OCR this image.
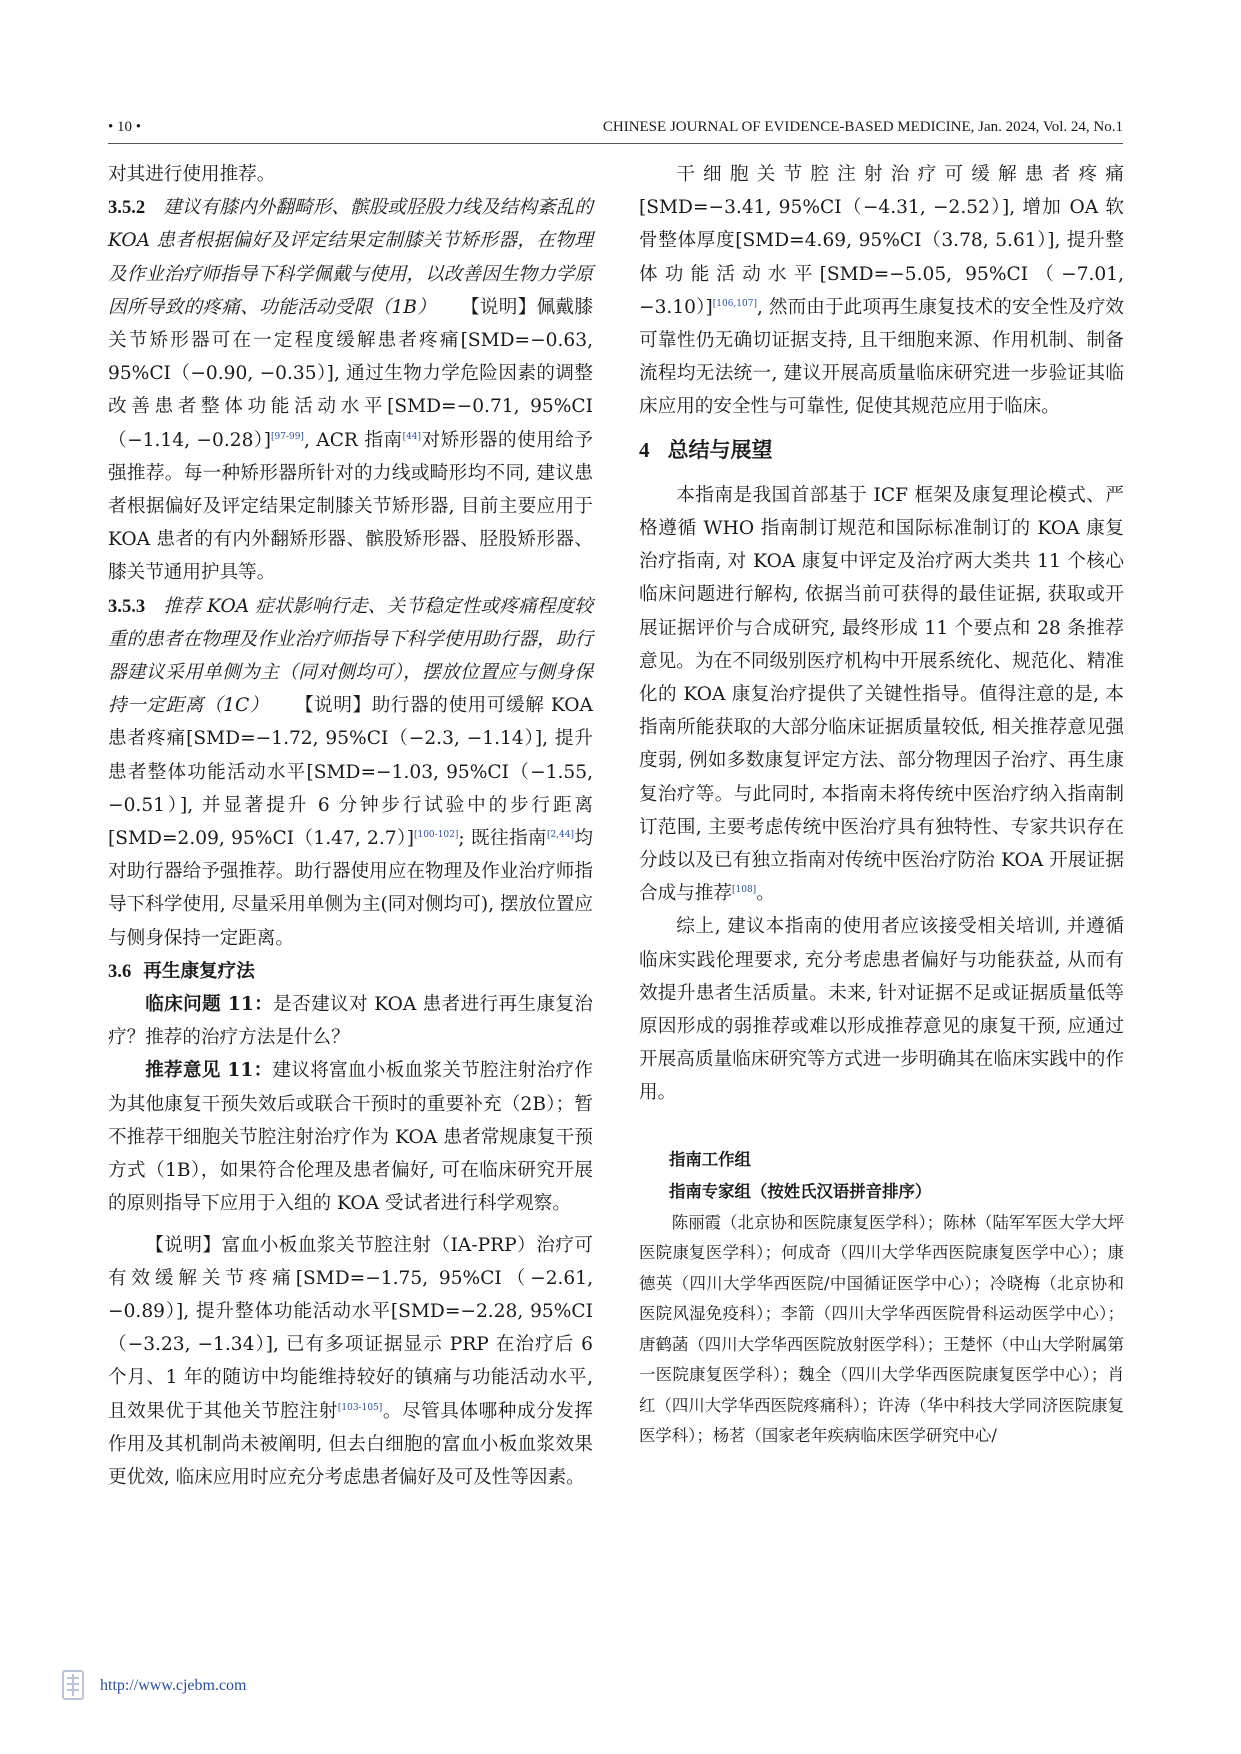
• 10 •	CHINESE JOURNAL OF EVIDENCE-BASED MEDICINE, Jan. 2024, Vol. 24, No.1

对其进行使用推荐。

3.5.2 建议有膝内外翻畸形、髌股或胫股力线及结构紊乱的 KOA 患者根据偏好及评定结果定制膝关节矫形器，在物理及作业治疗师指导下科学佩戴与使用，以改善因生物力学原因所导致的疼痛、功能活动受限（1B） 【说明】佩戴膝关节矫形器可在一定程度缓解患者疼痛[SMD=−0.63, 95%CI（−0.90, −0.35）], 通过生物力学危险因素的调整改善患者整体功能活动水平[SMD=−0.71, 95%CI（−1.14, −0.28）][97-99], ACR 指南[44]对矫形器的使用给予强推荐。每一种矫形器所针对的力线或畸形均不同, 建议患者根据偏好及评定结果定制膝关节矫形器, 目前主要应用于 KOA 患者的有内外翻矫形器、髌股矫形器、胫股矫形器、膝关节通用护具等。

3.5.3 推荐 KOA 症状影响行走、关节稳定性或疼痛程度较重的患者在物理及作业治疗师指导下科学使用助行器，助行器建议采用单侧为主（同对侧均可），摆放位置应与侧身保持一定距离（1C） 【说明】助行器的使用可缓解 KOA 患者疼痛[SMD=−1.72, 95%CI（−2.3, −1.14）], 提升患者整体功能活动水平[SMD=−1.03, 95%CI（−1.55, −0.51）], 并显著提升 6 分钟步行试验中的步行距离[SMD=2.09, 95%CI（1.47, 2.7）][100-102]; 既往指南[2,44]均对助行器给予强推荐。助行器使用应在物理及作业治疗师指导下科学使用, 尽量采用单侧为主(同对侧均可), 摆放位置应与侧身保持一定距离。

3.6 再生康复疗法

临床问题 11：是否建议对 KOA 患者进行再生康复治疗？推荐的治疗方法是什么？

推荐意见 11：建议将富血小板血浆关节腔注射治疗作为其他康复干预失效后或联合干预时的重要补充（2B）；暂不推荐干细胞关节腔注射治疗作为 KOA 患者常规康复干预方式（1B），如果符合伦理及患者偏好, 可在临床研究开展的原则指导下应用于入组的 KOA 受试者进行科学观察。

【说明】富血小板血浆关节腔注射（IA-PRP）治疗可有效缓解关节疼痛[SMD=−1.75, 95%CI（−2.61, −0.89）], 提升整体功能活动水平[SMD=−2.28, 95%CI（−3.23, −1.34）], 已有多项证据显示 PRP 在治疗后 6 个月、1 年的随访中均能维持较好的镇痛与功能活动水平, 且效果优于其他关节腔注射[103-105]。尽管具体哪种成分发挥作用及其机制尚未被阐明, 但去白细胞的富血小板血浆效果更优效, 临床应用时应充分考虑患者偏好及可及性等因素。

干细胞关节腔注射治疗可缓解患者疼痛[SMD=−3.41, 95%CI（−4.31, −2.52）], 增加 OA 软骨整体厚度[SMD=4.69, 95%CI（3.78, 5.61）], 提升整体功能活动水平[SMD=−5.05, 95%CI（−7.01, −3.10）][106,107], 然而由于此项再生康复技术的安全性及疗效可靠性仍无确切证据支持, 且干细胞来源、作用机制、制备流程均无法统一, 建议开展高质量临床研究进一步验证其临床应用的安全性与可靠性, 促使其规范应用于临床。

4 总结与展望

本指南是我国首部基于 ICF 框架及康复理论模式、严格遵循 WHO 指南制订规范和国际标准制订的 KOA 康复治疗指南, 对 KOA 康复中评定及治疗两大类共 11 个核心临床问题进行解构, 依据当前可获得的最佳证据, 获取或开展证据评价与合成研究, 最终形成 11 个要点和 28 条推荐意见。为在不同级别医疗机构中开展系统化、规范化、精准化的 KOA 康复治疗提供了关键性指导。值得注意的是, 本指南所能获取的大部分临床证据质量较低, 相关推荐意见强度弱, 例如多数康复评定方法、部分物理因子治疗、再生康复治疗等。与此同时, 本指南未将传统中医治疗纳入指南制订范围, 主要考虑传统中医治疗具有独特性、专家共识存在分歧以及已有独立指南对传统中医治疗防治 KOA 开展证据合成与推荐[108]。

综上, 建议本指南的使用者应该接受相关培训, 并遵循临床实践伦理要求, 充分考虑患者偏好与功能获益, 从而有效提升患者生活质量。未来, 针对证据不足或证据质量低等原因形成的弱推荐或难以形成推荐意见的康复干预, 应通过开展高质量临床研究等方式进一步明确其在临床实践中的作用。

指南工作组

指南专家组（按姓氏汉语拼音排序）

陈丽霞（北京协和医院康复医学科）；陈林（陆军军医大学大坪医院康复医学科）；何成奇（四川大学华西医院康复医学中心）；康德英（四川大学华西医院/中国循证医学中心）；冷晓梅（北京协和医院风湿免疫科）；李箭（四川大学华西医院骨科运动医学中心）；唐鹤菡（四川大学华西医院放射医学科）；王楚怀（中山大学附属第一医院康复医学科）；魏全（四川大学华西医院康复医学中心）；肖红（四川大学华西医院疼痛科）；许涛（华中科技大学同济医院康复医学科）；杨茗（国家老年疾病临床医学研究中心/

http://www.cjebm.com
